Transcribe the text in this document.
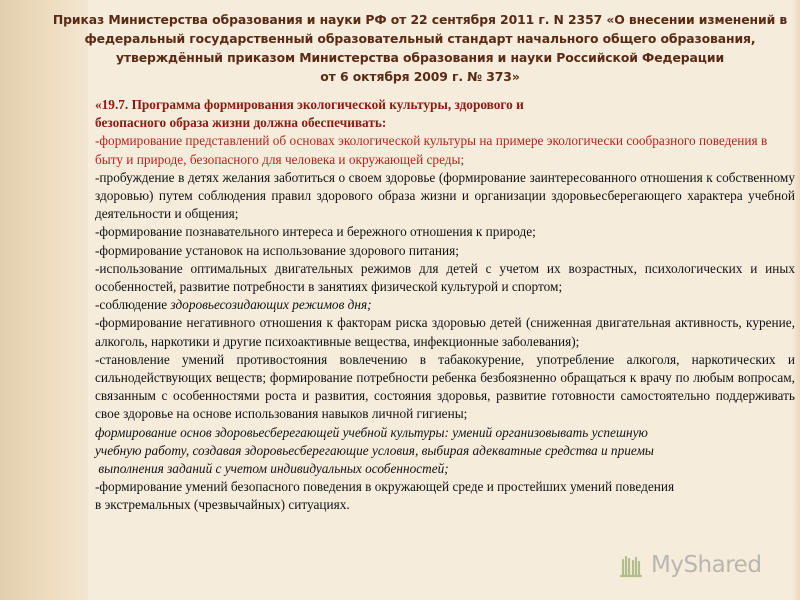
Приказ Министерства образования и науки РФ от 22 сентября 2011 г. N 2357 «О внесении изменений в
федеральный государственный образовательный стандарт начального общего образования,
утверждённый приказом Министерства образования и науки Российской Федерации
от 6 октября 2009 г. № 373»

«19.7. Программа формирования экологической культуры, здорового и

безопасного образа жизни должна обеспечивать:

-формирование представлений об основах экологической культуры на примере экологически сообразного поведения в быту и природе, безопасного для человека и окружающей среды;

-пробуждение в детях желания заботиться о своем здоровье (формирование заинтересованного отношения к собственному здоровью) путем соблюдения правил здорового образа жизни и организации здоровьесберегающего характера учебной деятельности и общения;

-формирование познавательного интереса и бережного отношения к природе;

-формирование установок на использование здорового питания;

-использование оптимальных двигательных режимов для детей с учетом их возрастных, психологических и иных особенностей, развитие потребности в занятиях физической культурой и спортом;

-соблюдение здоровьесозидающих режимов дня;

-формирование негативного отношения к факторам риска здоровью детей (сниженная двигательная активность, курение, алкоголь, наркотики и другие психоактивные вещества, инфекционные заболевания);

-становление умений противостояния вовлечению в табакокурение, употребление алкоголя, наркотических и сильнодействующих веществ; формирование потребности ребенка безбоязненно обращаться к врачу по любым вопросам, связанным с особенностями роста и развития, состояния здоровья, развитие готовности самостоятельно поддерживать свое здоровье на основе использования навыков личной гигиены;

формирование основ здоровьесберегающей учебной культуры: умений организовывать успешную

учебную работу, создавая здоровьесберегающие условия, выбирая адекватные средства и приемы

выполнения заданий с учетом индивидуальных особенностей;

-формирование умений безопасного поведения в окружающей среде и простейших умений поведения

в экстремальных (чрезвычайных) ситуациях.

MyShared
